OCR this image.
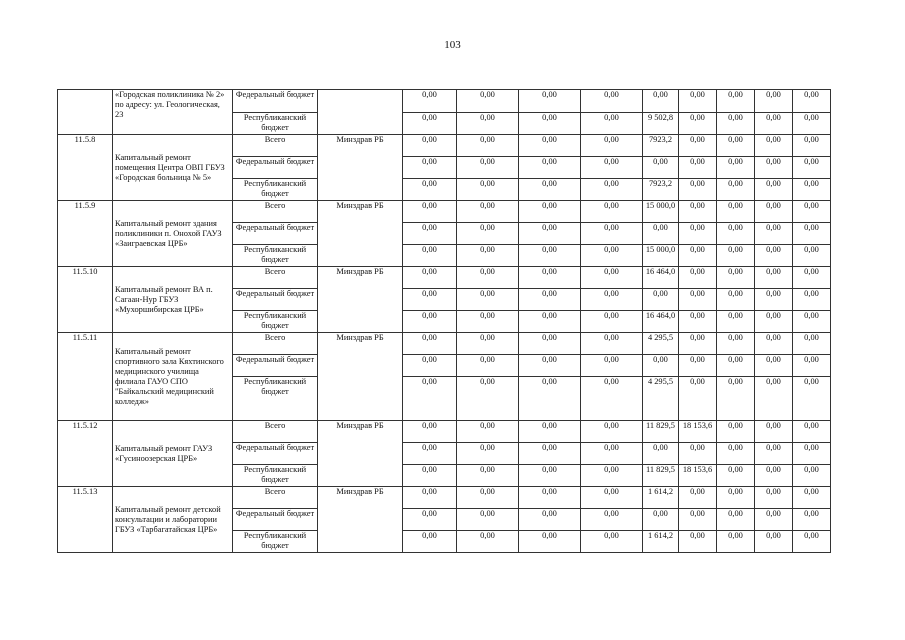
103
	«Городская поликлиника № 2» по адресу: ул. Геологическая, 23	Федеральный бюджет		0,00	0,00	0,00	0,00	0,00	0,00	0,00	0,00	0,00
		Республиканский бюджет		0,00	0,00	0,00	0,00	9 502,8	0,00	0,00	0,00	0,00
11.5.8	Капитальный ремонт помещения Центра ОВП ГБУЗ «Городская больница № 5»	Всего	Минздрав РБ	0,00	0,00	0,00	0,00	7923,2	0,00	0,00	0,00	0,00
		Федеральный бюджет		0,00	0,00	0,00	0,00	0,00	0,00	0,00	0,00	0,00
		Республиканский бюджет		0,00	0,00	0,00	0,00	7923,2	0,00	0,00	0,00	0,00
11.5.9	Капитальный ремонт здания поликлиники п. Онохой ГАУЗ «Заиграевская ЦРБ»	Всего	Минздрав РБ	0,00	0,00	0,00	0,00	15 000,0	0,00	0,00	0,00	0,00
		Федеральный бюджет		0,00	0,00	0,00	0,00	0,00	0,00	0,00	0,00	0,00
		Республиканский бюджет		0,00	0,00	0,00	0,00	15 000,0	0,00	0,00	0,00	0,00
11.5.10	Капитальный ремонт ВА п. Сагаан-Нур ГБУЗ «Мухоршибирская ЦРБ»	Всего	Минздрав РБ	0,00	0,00	0,00	0,00	16 464,0	0,00	0,00	0,00	0,00
		Федеральный бюджет		0,00	0,00	0,00	0,00	0,00	0,00	0,00	0,00	0,00
		Республиканский бюджет		0,00	0,00	0,00	0,00	16 464,0	0,00	0,00	0,00	0,00
11.5.11	Капитальный ремонт спортивного зала Кяхтинского медицинского училища филиала ГАУО СПО "Байкальский медицинский колледж»	Всего	Минздрав РБ	0,00	0,00	0,00	0,00	4 295,5	0,00	0,00	0,00	0,00
		Федеральный бюджет		0,00	0,00	0,00	0,00	0,00	0,00	0,00	0,00	0,00
		Республиканский бюджет		0,00	0,00	0,00	0,00	4 295,5	0,00	0,00	0,00	0,00
11.5.12	Капитальный ремонт ГАУЗ «Гусиноозерская ЦРБ»	Всего	Минздрав РБ	0,00	0,00	0,00	0,00	11 829,5	18 153,6	0,00	0,00	0,00
		Федеральный бюджет		0,00	0,00	0,00	0,00	0,00	0,00	0,00	0,00	0,00
		Республиканский бюджет		0,00	0,00	0,00	0,00	11 829,5	18 153,6	0,00	0,00	0,00
11.5.13	Капитальный ремонт детской консультации и лаборатории ГБУЗ «Тарбагатайская ЦРБ»	Всего	Минздрав РБ	0,00	0,00	0,00	0,00	1 614,2	0,00	0,00	0,00	0,00
		Федеральный бюджет		0,00	0,00	0,00	0,00	0,00	0,00	0,00	0,00	0,00
		Республиканский бюджет		0,00	0,00	0,00	0,00	1 614,2	0,00	0,00	0,00	0,00
